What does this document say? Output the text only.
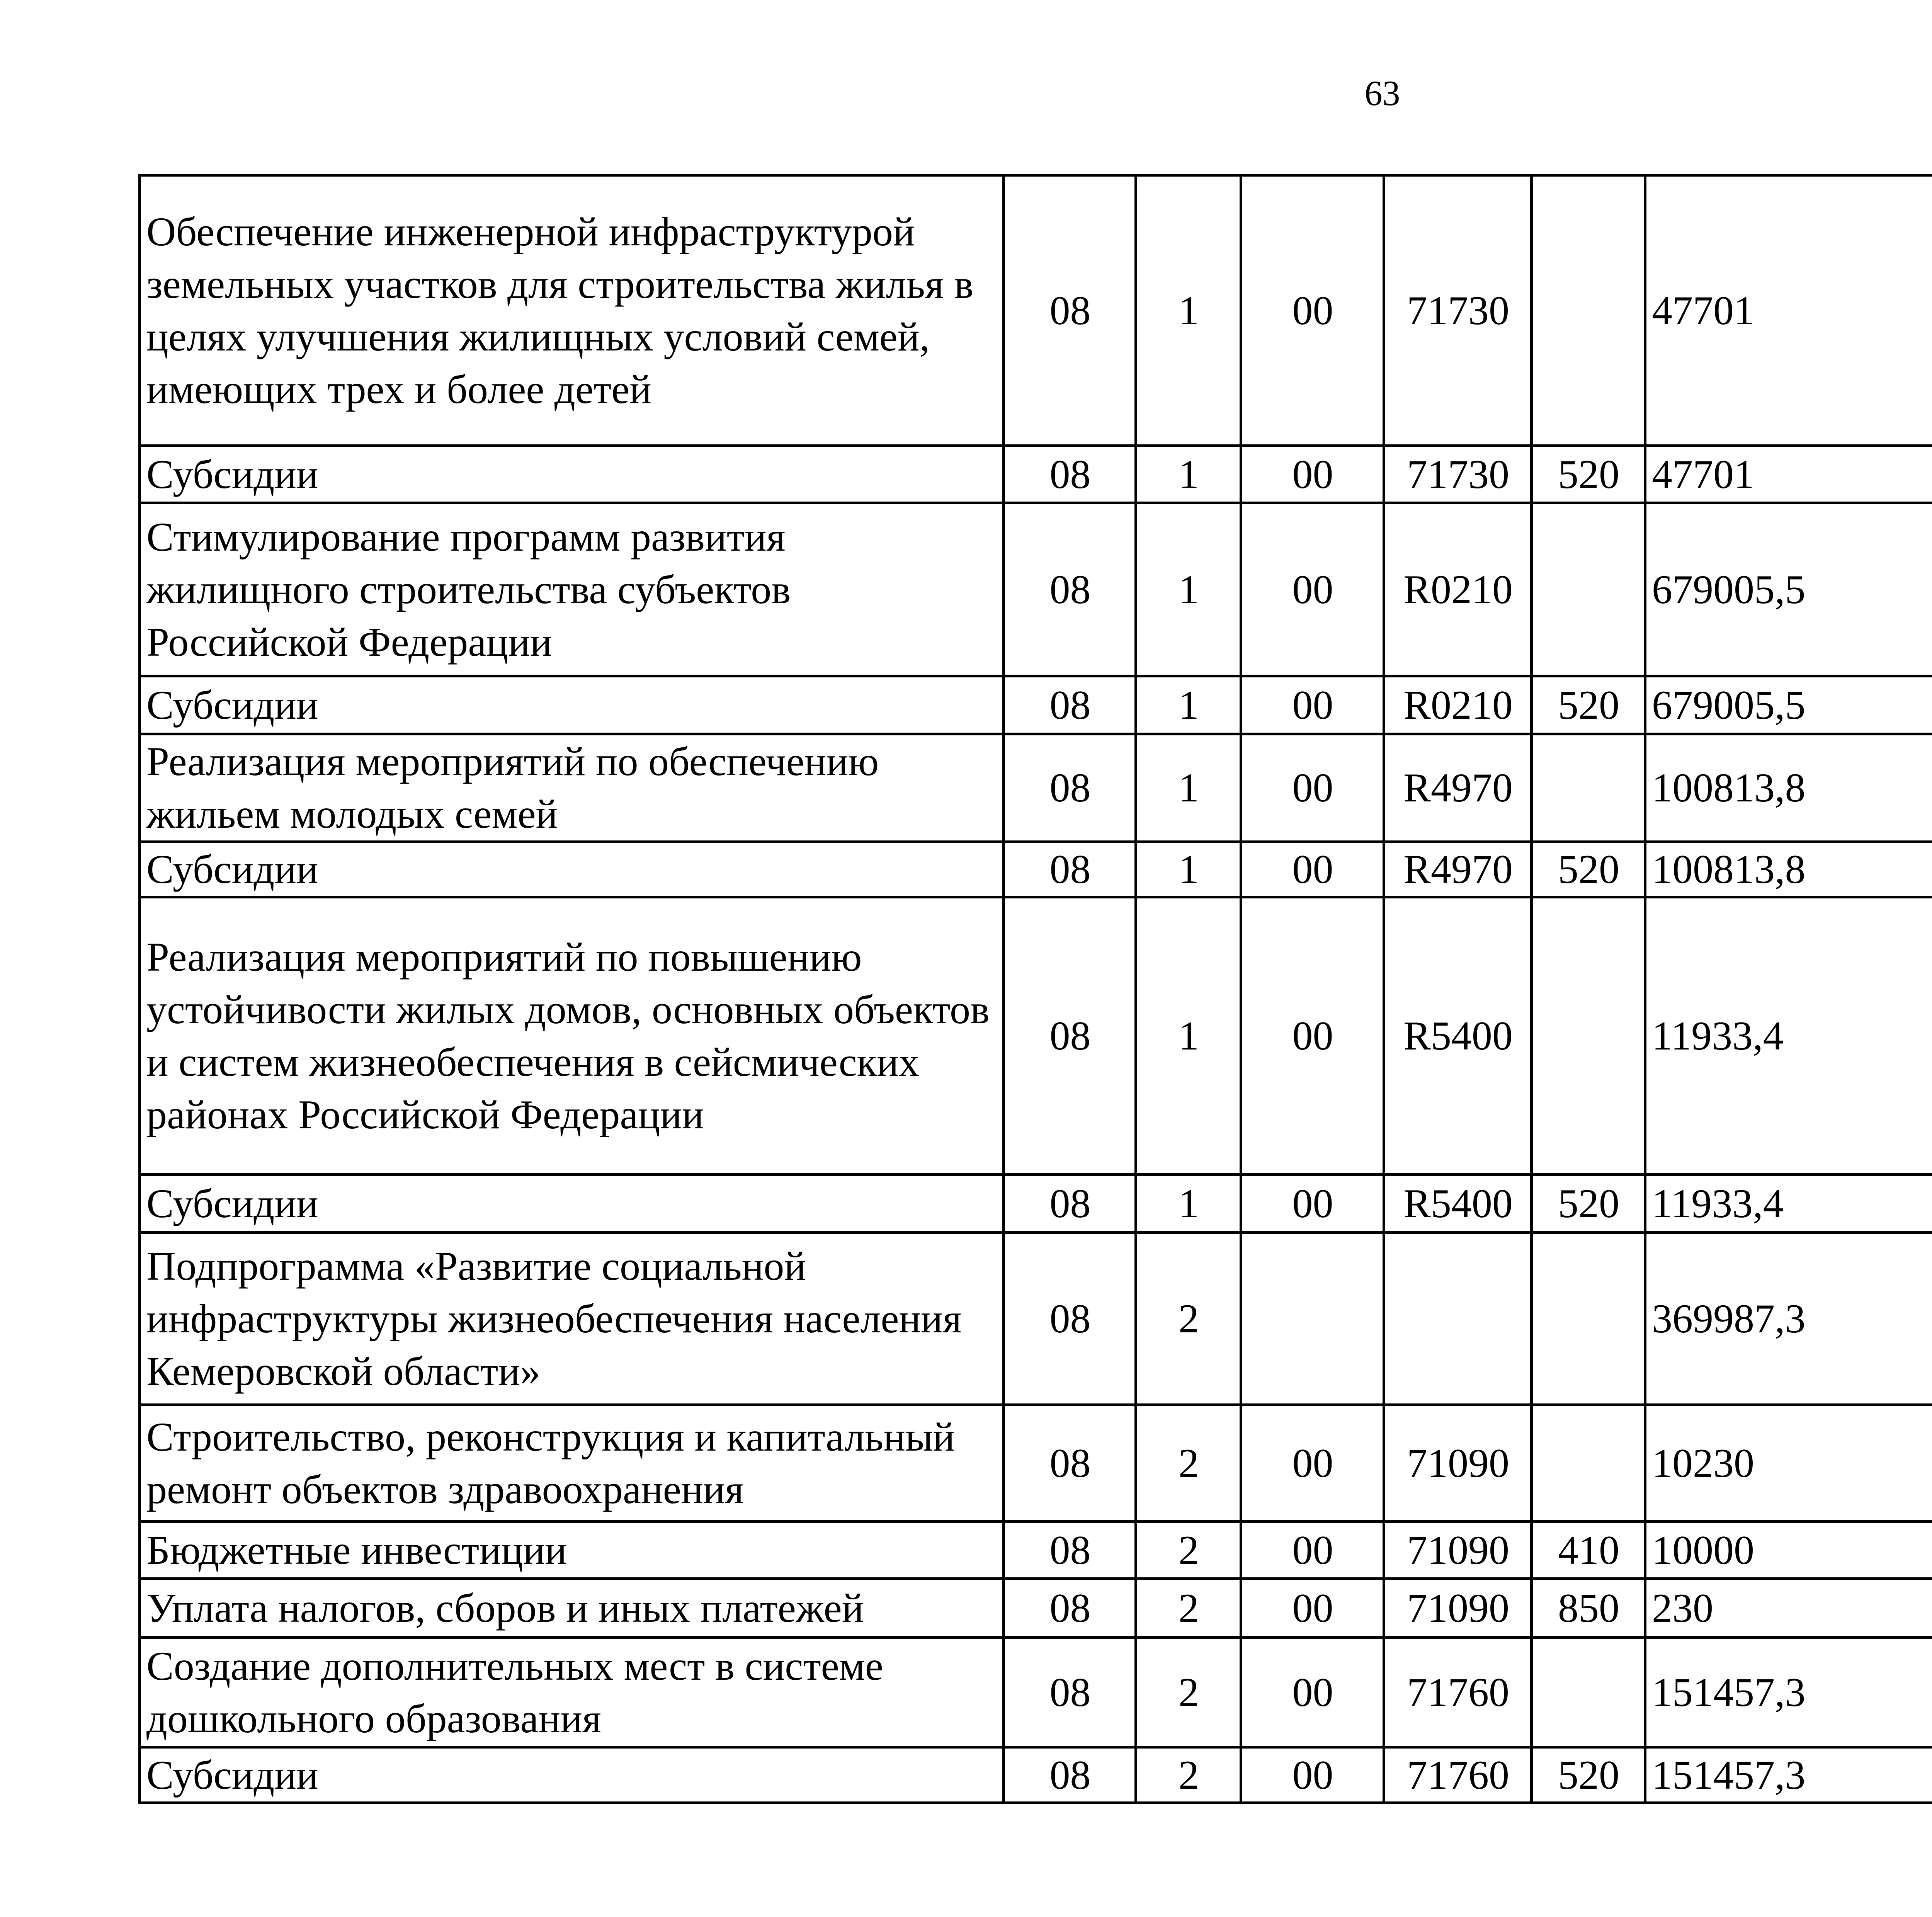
63
Обеспечение инженерной инфраструктурой земельных участков для строительства жилья в целях улучшения жилищных условий семей, имеющих трех и более детей	08	1	00	71730		47701		
Субсидии	08	1	00	71730	520	47701		
Стимулирование программ развития жилищного строительства субъектов Российской Федерации	08	1	00	R0210		679005,5		
Субсидии	08	1	00	R0210	520	679005,5		
Реализация мероприятий по обеспечению жильем молодых семей	08	1	00	R4970		100813,8		
Субсидии	08	1	00	R4970	520	100813,8		
Реализация мероприятий по повышению устойчивости жилых домов, основных объектов и систем жизнеобеспечения в сейсмических районах Российской Федерации	08	1	00	R5400		11933,4		
Субсидии	08	1	00	R5400	520	11933,4		
Подпрограмма «Развитие социальной инфраструктуры жизнеобеспечения населения Кемеровской области»	08	2				369987,3		
Строительство, реконструкция и капитальный ремонт объектов здравоохранения	08	2	00	71090		10230		
Бюджетные инвестиции	08	2	00	71090	410	10000		
Уплата налогов, сборов и иных платежей	08	2	00	71090	850	230		
Создание дополнительных мест в системе дошкольного образования	08	2	00	71760		151457,3		
Субсидии	08	2	00	71760	520	151457,3		
